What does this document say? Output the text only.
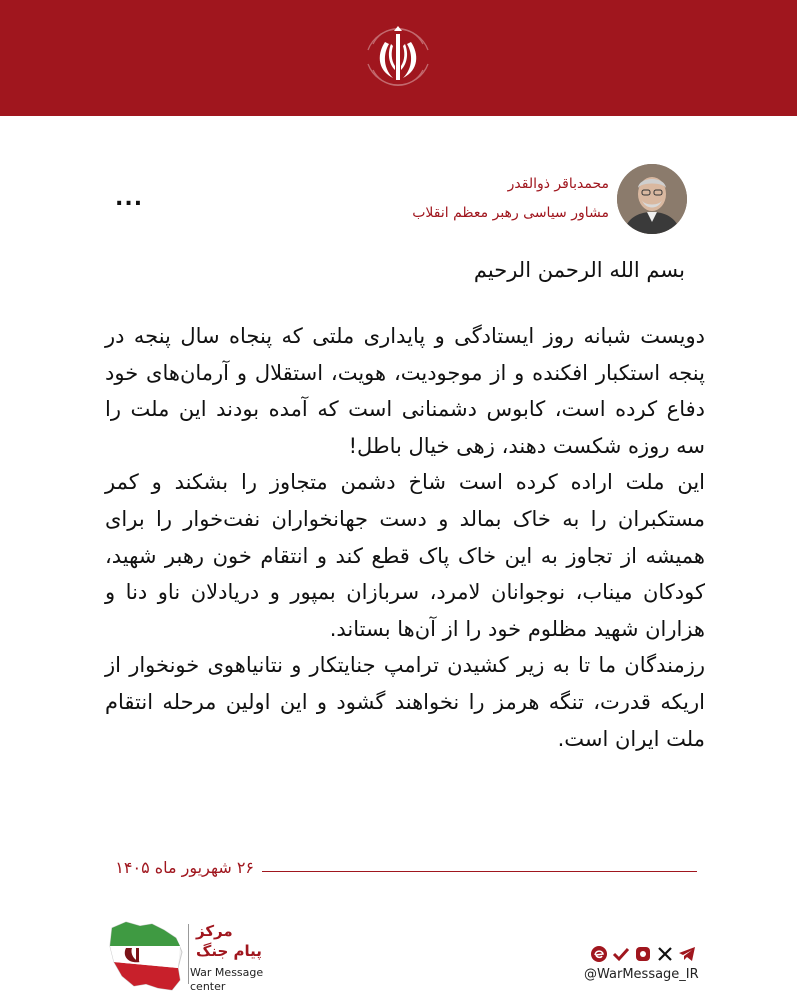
...
محمدباقر ذوالقدر
مشاور سیاسی رهبر معظم انقلاب
بسم الله الرحمن الرحیم

دویست شبانه روز ایستادگی و پایداری ملتی که پنجاه سال پنجه در پنجه استکبار افکنده و از موجودیت، هویت، استقلال و آرمان‌های خود دفاع کرده است، کابوس دشمنانی است که آمده بودند این ملت را سه روزه شکست دهند، زهی خیال باطل!

این ملت اراده کرده است شاخ دشمن متجاوز را بشکند و کمر مستکبران را به خاک بمالد و دست جهانخواران نفت‌خوار را برای همیشه از تجاوز به این خاک پاک قطع کند و انتقام خون رهبر شهید، کودکان میناب، نوجوانان لامرد، سربازان بمپور و دریادلان ناو دنا و هزاران شهید مظلوم خود را از آن‌ها بستاند.

رزمندگان ما تا به زیر کشیدن ترامپ جنایتکار و نتانیاهوی خونخوار از اریکه قدرت، تنگه هرمز را نخواهند گشود و این اولین مرحله انتقام ملت ایران است.

۲۶ شهریور ماه ۱۴۰۵
مرکز
پیام جنگ
War Message
center
@WarMessage_IR
